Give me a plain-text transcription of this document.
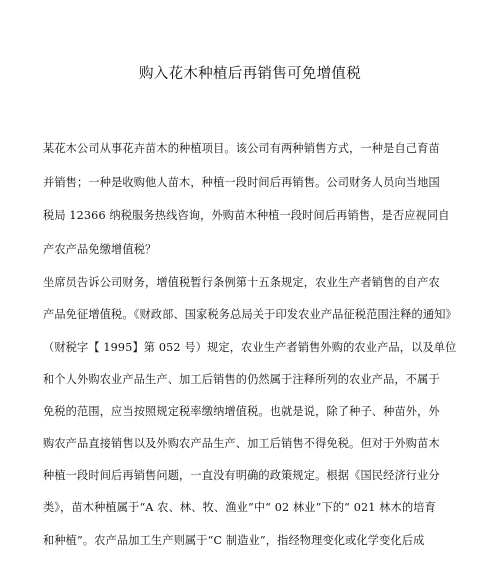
购入花木种植后再销售可免增值税
某花木公司从事花卉苗木的种植项目。该公司有两种销售方式，一种是自己育苗
并销售；一种是收购他人苗木，种植一段时间后再销售。公司财务人员向当地国
税局 12366 纳税服务热线咨询，外购苗木种植一段时间后再销售，是否应视同自
产农产品免缴增值税？
坐席员告诉公司财务，增值税暂行条例第十五条规定，农业生产者销售的自产农
产品免征增值税。《财政部、国家税务总局关于印发农业产品征税范围注释的通知》
（财税字【 1995】第 052 号）规定，农业生产者销售外购的农业产品，以及单位
和个人外购农业产品生产、加工后销售的仍然属于注释所列的农业产品，不属于
免税的范围，应当按照规定税率缴纳增值税。也就是说，除了种子、种苗外，外
购农产品直接销售以及外购农产品生产、加工后销售不得免税。但对于外购苗木
种植一段时间后再销售问题，一直没有明确的政策规定。根据《国民经济行业分
类》，苗木种植属于“A 农、林、牧、渔业”中“ 02 林业”下的“ 021 林木的培育
和种植”。农产品加工生产则属于“C 制造业”，指经物理变化或化学变化后成
